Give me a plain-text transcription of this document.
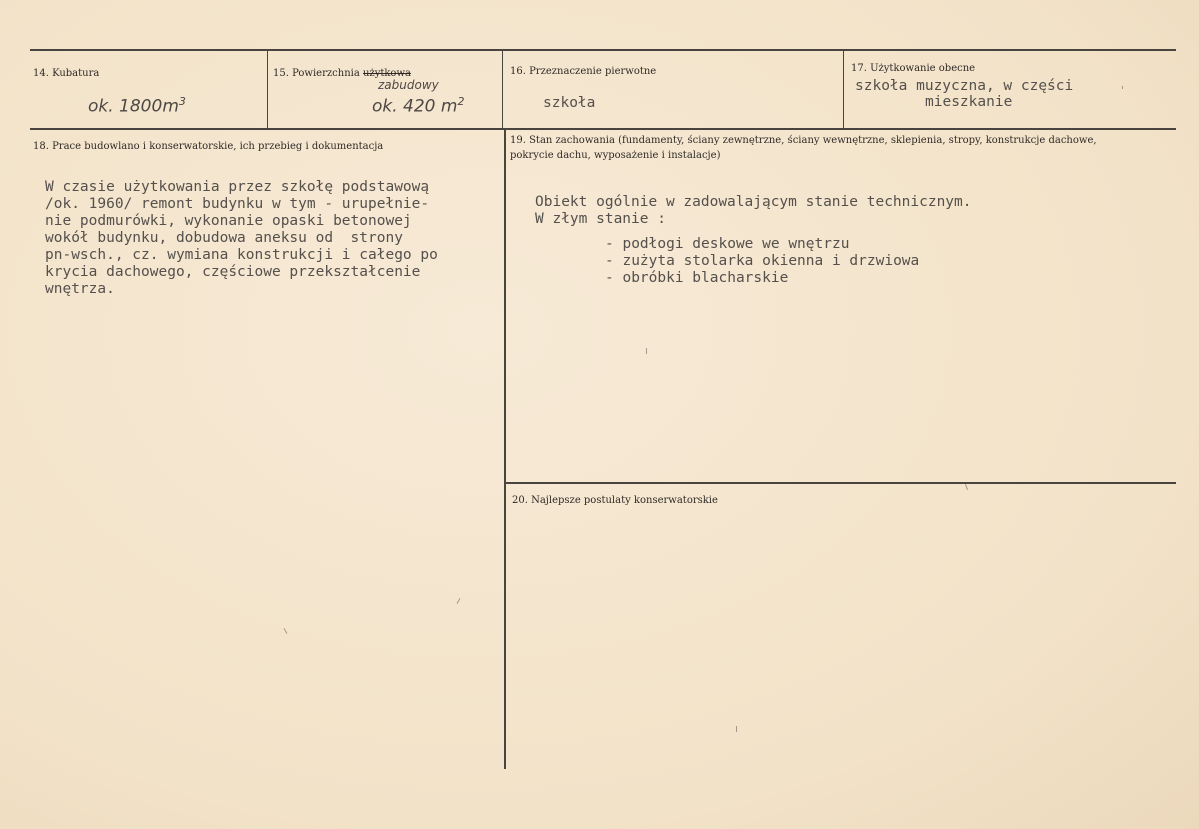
14. Kubatura
ok. $1800m^3$
15. Powierzchnia użytkowa
zabudowy
ok. 420 $m^2$
16. Przeznaczenie pierwotne
szkoła
17. Użytkowanie obecne
szkoła muzyczna, w części
mieszkanie
18. Prace budowlano i konserwatorskie, ich przebieg i dokumentacja
W czasie użytkowania przez szkołę podstawową
/ok. 1960/ remont budynku w tym - urupełnie-
nie podmurówki, wykonanie opaski betonowej
wokół budynku, dobudowa aneksu od  strony
pn-wsch., cz. wymiana konstrukcji i całego po
krycia dachowego, częściowe przekształcenie
wnętrza.
19. Stan zachowania (fundamenty, ściany zewnętrzne, ściany wewnętrzne, sklepienia, stropy, konstrukcje dachowe, pokrycie dachu, wyposażenie i instalacje)
Obiekt ogólnie w zadowalającym stanie technicznym.
W złym stanie :
- podłogi deskowe we wnętrzu
- zużyta stolarka okienna i drzwiowa
- obróbki blacharskie
20. Najlepsze postulaty konserwatorskie
